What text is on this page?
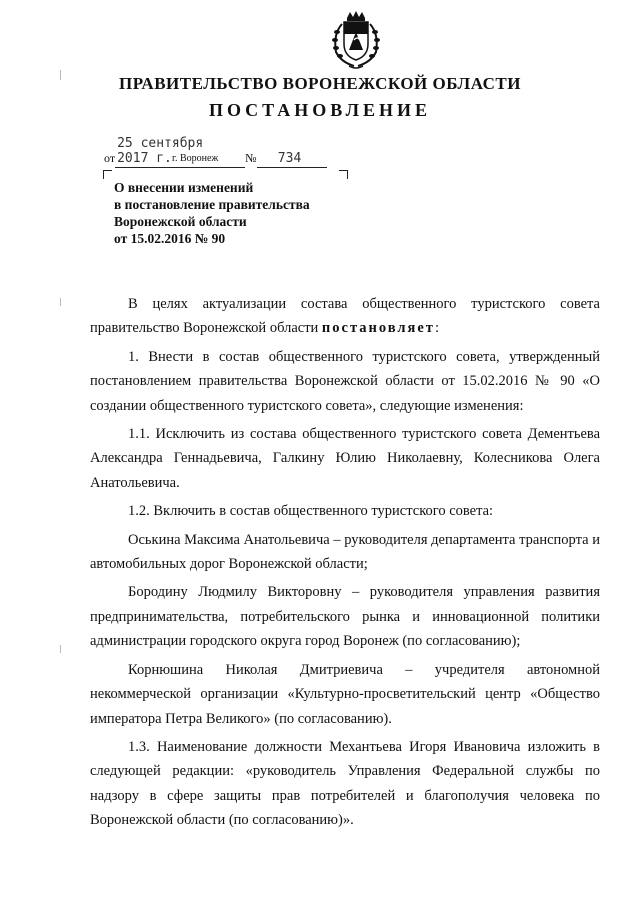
ПРАВИТЕЛЬСТВО ВОРОНЕЖСКОЙ ОБЛАСТИ
ПОСТАНОВЛЕНИЕ
от25 сентября 2017 г.	№ 734
г. Воронеж
О внесении изменений
в постановление правительства
Воронежской области
от 15.02.2016 № 90

В целях актуализации состава общественного туристского совета правительство Воронежской области постановляет:

1. Внести в состав общественного туристского совета, утвержденный постановлением правительства Воронежской области от 15.02.2016 № 90 «О создании общественного туристского совета», следующие изменения:

1.1. Исключить из состава общественного туристского совета Дементьева Александра Геннадьевича, Галкину Юлию Николаевну, Колесникова Олега Анатольевича.

1.2. Включить в состав общественного туристского совета:

Оськина Максима Анатольевича – руководителя департамента транспорта и автомобильных дорог Воронежской области;

Бородину Людмилу Викторовну – руководителя управления развития предпринимательства, потребительского рынка и инновационной политики администрации городского округа город Воронеж (по согласованию);

Корнюшина Николая Дмитриевича – учредителя автономной некоммерческой организации «Культурно-просветительский центр «Общество императора Петра Великого» (по согласованию).

1.3. Наименование должности Механтьева Игоря Ивановича изложить в следующей редакции: «руководитель Управления Федеральной службы по надзору в сфере защиты прав потребителей и благополучия человека по Воронежской области (по согласованию)».
